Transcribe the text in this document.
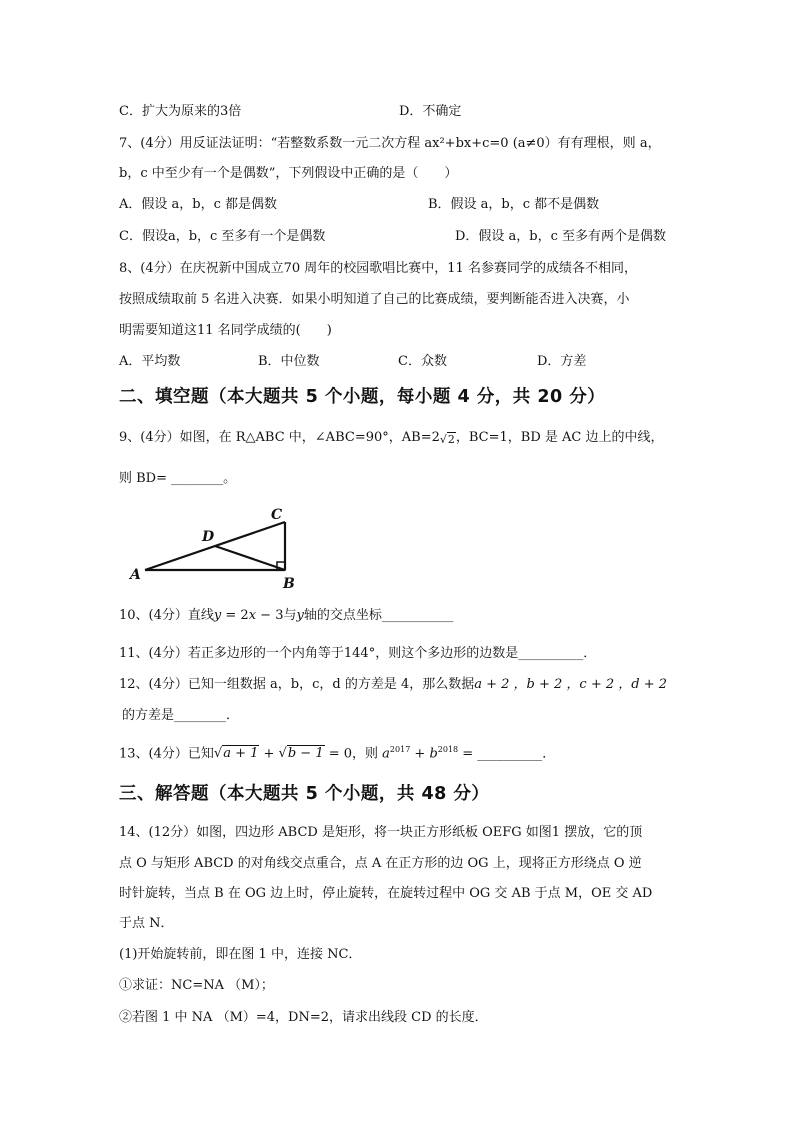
C．扩大为原来的3倍	D．不确定
7、(4分）用反证法证明：“若整数系数一元二次方程 ax²+bx+c=0 (a≠0）有有理根，则 a，
b，c 中至少有一个是偶数”，下列假设中正确的是（　　）
A．假设 a，b，c 都是偶数	B．假设 a，b，c 都不是偶数
C．假设a，b，c 至多有一个是偶数	D．假设 a，b，c 至多有两个是偶数
8、(4分）在庆祝新中国成立70 周年的校园歌唱比赛中，11 名参赛同学的成绩各不相同，
按照成绩取前 5 名进入决赛．如果小明知道了自己的比赛成绩，要判断能否进入决赛，小
明需要知道这11 名同学成绩的(　　)
A．平均数	B．中位数	C．众数	D．方差
二、填空题（本大题共 5 个小题，每小题 4 分，共 20 分）
9、(4分）如图，在 R△ABC 中，∠ABC=90°，AB=2√2，BC=1，BD 是 AC 边上的中线，
则 BD= ________。
A
B
C
D
10、(4分）直线y = 2x − 3与y轴的交点坐标___________
11、(4分）若正多边形的一个内角等于144°，则这个多边形的边数是__________．
12、(4分）已知一组数据 a，b，c，d 的方差是 4，那么数据a + 2 ，b + 2 ，c + 2 ，d + 2
的方差是________．
13、(4分）已知√a + 1 + √b − 1 = 0，则 $a^{2017} + b^{2018}$ = __________．
三、解答题（本大题共 5 个小题，共 48 分）
14、(12分）如图，四边形 ABCD 是矩形，将一块正方形纸板 OEFG 如图1 摆放，它的顶
点 O 与矩形 ABCD 的对角线交点重合，点 A 在正方形的边 OG 上，现将正方形绕点 O 逆
时针旋转，当点 B 在 OG 边上时，停止旋转，在旋转过程中 OG 交 AB 于点 M，OE 交 AD
于点 N．
(1)开始旋转前，即在图 1 中，连接 NC．
①求证：NC=NA （M）；
②若图 1 中 NA （M）=4，DN=2，请求出线段 CD 的长度．
